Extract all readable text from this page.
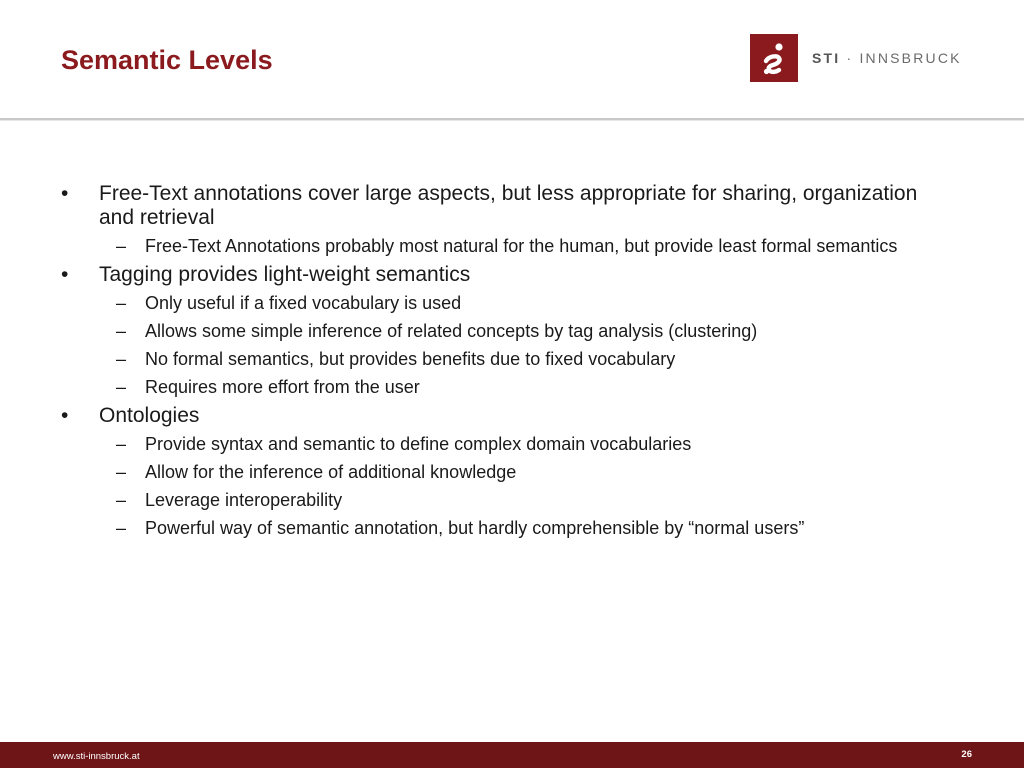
Semantic Levels	STI · INNSBRUCK
• Free-Text annotations cover large aspects, but less appropriate for sharing, organization and retrieval
– Free-Text Annotations probably most natural for the human, but provide least formal semantics
• Tagging provides light-weight semantics
– Only useful if a fixed vocabulary is used
– Allows some simple inference of related concepts by tag analysis (clustering)
– No formal semantics, but provides benefits due to fixed vocabulary
– Requires more effort from the user
• Ontologies
– Provide syntax and semantic to define complex domain vocabularies
– Allow for the inference of additional knowledge
– Leverage interoperability
– Powerful way of semantic annotation, but hardly comprehensible by “normal users”
www.sti-innsbruck.at	26
